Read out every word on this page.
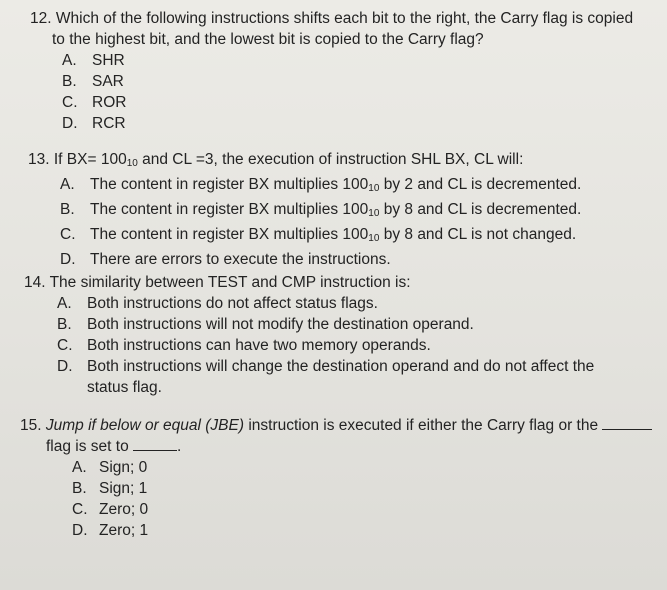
12. Which of the following instructions shifts each bit to the right, the Carry flag is copied
to the highest bit, and the lowest bit is copied to the Carry flag?
A. SHR
B. SAR
C. ROR
D. RCR
13. If $BX= 100_{10}$ and CL =3, the execution of instruction SHL BX, CL will:
A. The content in register BX multiplies $100_{10}$ by 2 and CL is decremented.
B. The content in register BX multiplies $100_{10}$ by 8 and CL is decremented.
C. The content in register BX multiplies $100_{10}$ by 8 and CL is not changed.
D. There are errors to execute the instructions.
14. The similarity between TEST and CMP instruction is:
A. Both instructions do not affect status flags.
B. Both instructions will not modify the destination operand.
C. Both instructions can have two memory operands.
D. Both instructions will change the destination operand and do not affect the
status flag.
15. Jump if below or equal (JBE) instruction is executed if either the Carry flag or the
flag is set to	.
A. Sign; 0
B. Sign; 1
C. Zero; 0
D. Zero; 1
